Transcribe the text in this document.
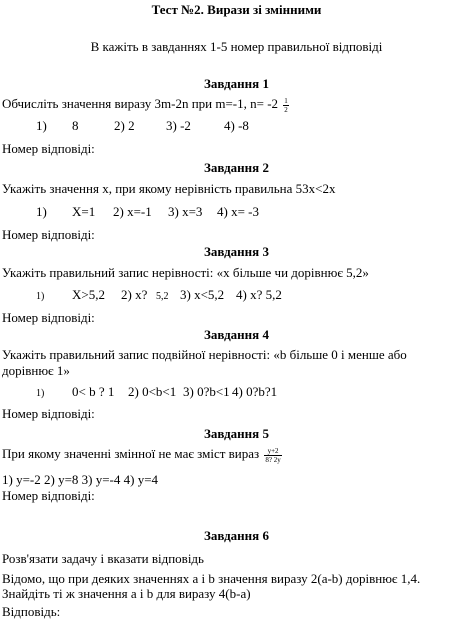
Тест №2. Вирази зі змінними
В кажіть в завданнях 1-5 номер правильної відповіді
Завдання 1
Обчисліть значення виразу 3m-2n при m=-1, $n= -2 \frac{1}{2}$
1) 8	2) 2 3) -2	4) -8
Номер відповіді:
Завдання 2
Укажіть значення х, при якому нерівність правильна 53х<2х
1) X=1 2) x=-1 3) x=3 4) x= -3
Номер відповіді:
Завдання 3
Укажіть правильний запис нерівності: «х більше чи дорівнює 5,2»
1) X>5,2 2) x? 5,2 3) x<5,2 4) x? 5,2
Номер відповіді:
Завдання 4
Укажіть правильний запис подвійної нерівності: «b більше 0 і менше або
дорівнює 1»
1) 0< b ? 1 2) 0<b<1 3) 0?b<1 4) 0?b?1
Номер відповіді:
Завдання 5
При якому значенні змінної не має зміст вираз $\frac{y+2}{8? 2y}$
1) y=-2 2) y=8 3) y=-4 4) y=4
Номер відповіді:
Завдання 6
Розв'язати задачу і вказати відповідь
Відомо, що при деяких значеннях а і b значення виразу 2(a-b) дорівнює 1,4.
Знайдіть ті ж значення а і b для виразу 4(b-a)
Відповідь:
